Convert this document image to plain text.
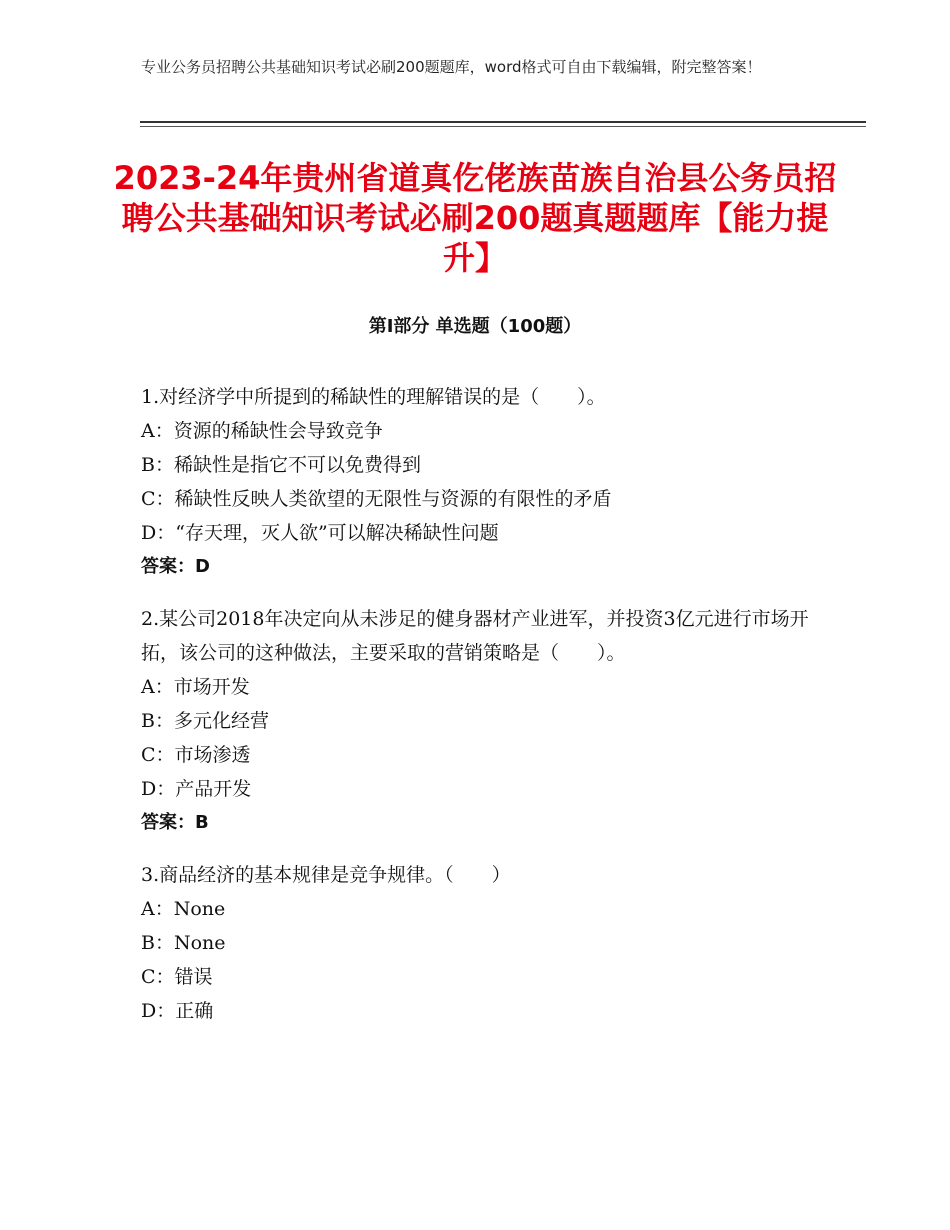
专业公务员招聘公共基础知识考试必刷200题题库，word格式可自由下载编辑，附完整答案！
2023-24年贵州省道真仡佬族苗族自治县公务员招聘公共基础知识考试必刷200题真题题库【能力提升】
第Ⅰ部分 单选题（100题）
1.对经济学中所提到的稀缺性的理解错误的是（　　）。
A：资源的稀缺性会导致竞争
B：稀缺性是指它不可以免费得到
C：稀缺性反映人类欲望的无限性与资源的有限性的矛盾
D：“存天理，灭人欲”可以解决稀缺性问题
答案：D
2.某公司2018年决定向从未涉足的健身器材产业进军，并投资3亿元进行市场开拓，该公司的这种做法，主要采取的营销策略是（　　）。
A：市场开发
B：多元化经营
C：市场渗透
D：产品开发
答案：B
3.商品经济的基本规律是竞争规律。（　　）
A：None
B：None
C：错误
D：正确
